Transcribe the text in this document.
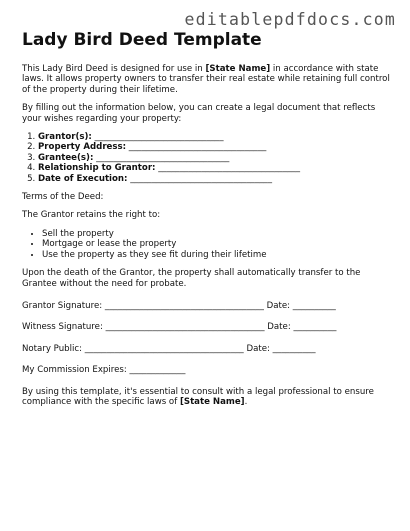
editablepdfdocs.com
Lady Bird Deed Template

This Lady Bird Deed is designed for use in [State Name] in accordance with state laws. It allows property owners to transfer their real estate while retaining full control of the property during their lifetime.

By filling out the information below, you can create a legal document that reflects your wishes regarding your property:

1. Grantor(s): ______________________________
2. Property Address: ________________________________
3. Grantee(s): _______________________________
4. Relationship to Grantor: _________________________________
5. Date of Execution: _________________________________

Terms of the Deed:

The Grantor retains the right to:

• Sell the property
• Mortgage or lease the property
• Use the property as they see fit during their lifetime

Upon the death of the Grantor, the property shall automatically transfer to the Grantee without the need for probate.

Grantor Signature: _____________________________________ Date: __________
Witness Signature: _____________________________________ Date: __________
Notary Public: _____________________________________ Date: __________
My Commission Expires: _____________

By using this template, it's essential to consult with a legal professional to ensure compliance with the specific laws of [State Name].
